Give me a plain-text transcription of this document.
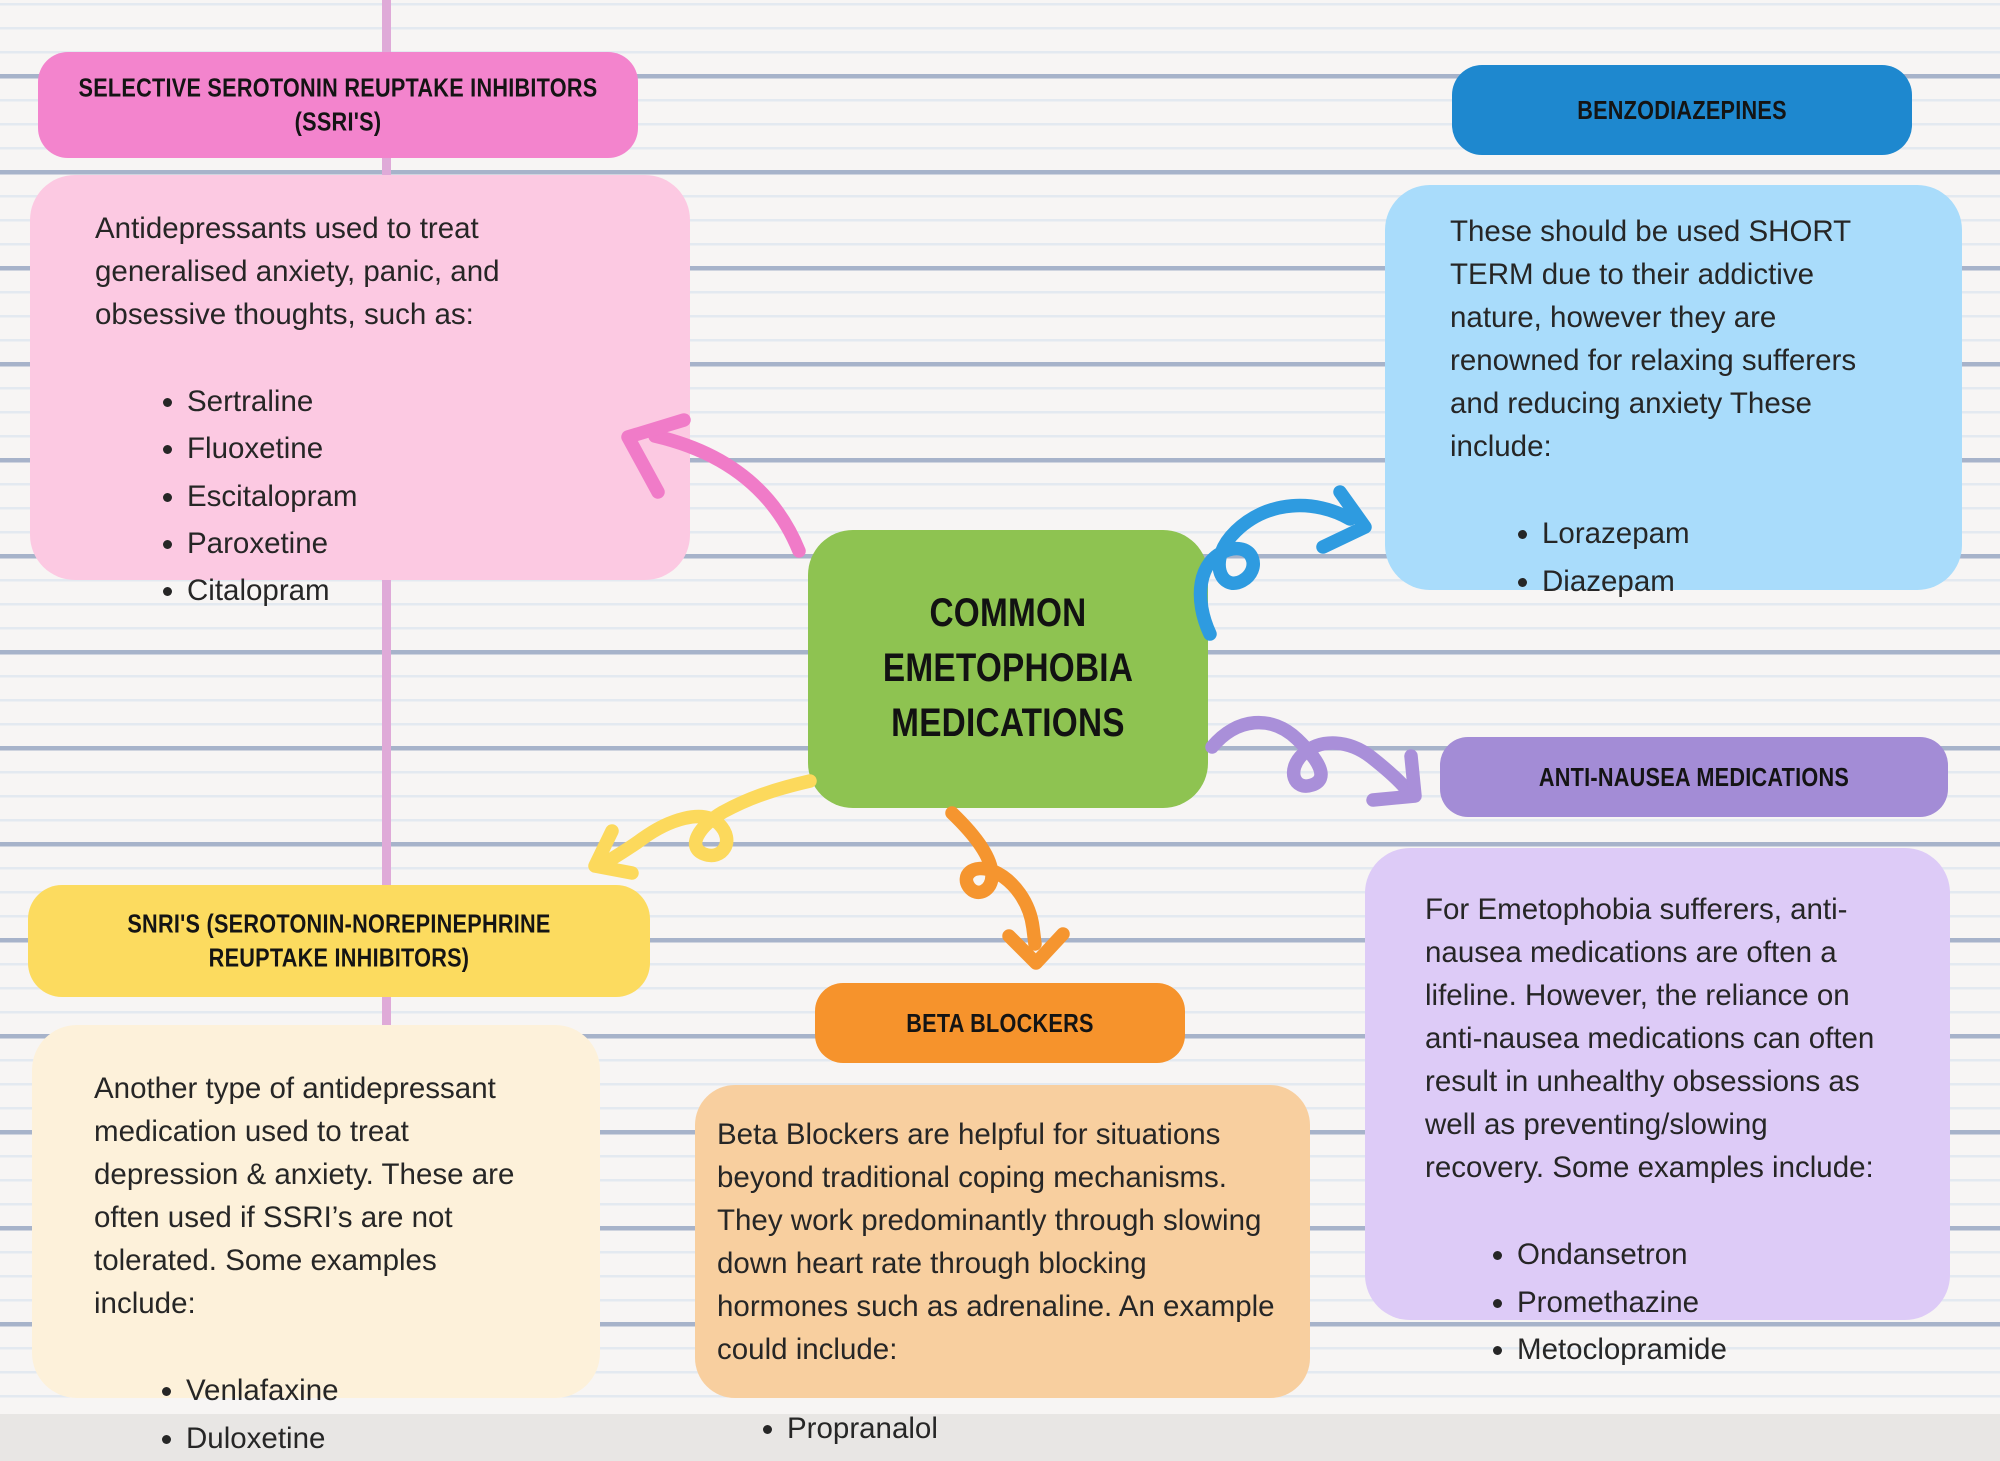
SELECTIVE SEROTONIN REUPTAKE INHIBITORS (SSRI'S)

Antidepressants used to treat generalised anxiety, panic, and obsessive thoughts, such as:

• Sertraline
• Fluoxetine
• Escitalopram
• Paroxetine
• Citalopram
BENZODIAZEPINES

These should be used SHORT TERM due to their addictive nature, however they are renowned for relaxing sufferers and reducing anxiety These include:

• Lorazepam
• Diazepam
COMMON EMETOPHOBIA MEDICATIONS
ANTI-NAUSEA MEDICATIONS

For Emetophobia sufferers, anti-nausea medications are often a lifeline. However, the reliance on anti-nausea medications can often result in unhealthy obsessions as well as preventing/slowing recovery. Some examples include:

• Ondansetron
• Promethazine
• Metoclopramide
SNRI'S (SEROTONIN-NOREPINEPHRINE REUPTAKE INHIBITORS)

Another type of antidepressant medication used to treat depression & anxiety. These are often used if SSRI’s are not tolerated. Some examples include:

• Venlafaxine
• Duloxetine
BETA BLOCKERS

Beta Blockers are helpful for situations beyond traditional coping mechanisms. They work predominantly through slowing down heart rate through blocking hormones such as adrenaline. An example could include:

• Propranalol
